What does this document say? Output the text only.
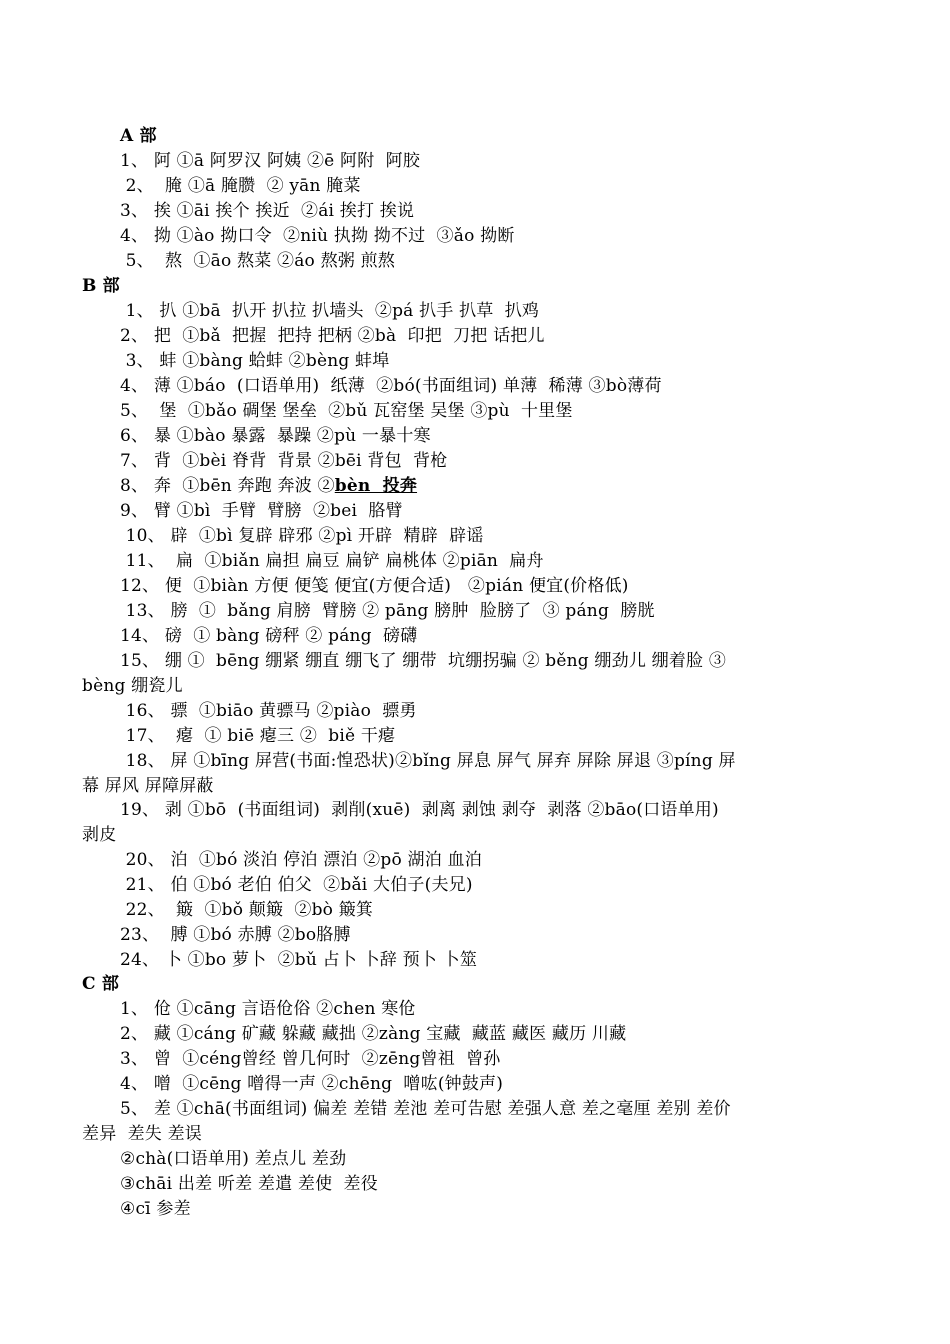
A 部

1、 阿 ①ā 阿罗汉 阿姨 ②ē 阿附  阿胶

2、  腌 ①ā 腌臜  ② yān 腌菜

3、 挨 ①āi 挨个 挨近  ②ái 挨打 挨说

4、 拗 ①ào 拗口令  ②niù 执拗 拗不过  ③ǎo 拗断

5、  熬  ①āo 熬菜 ②áo 熬粥 煎熬

B 部

1、 扒 ①bā  扒开 扒拉 扒墙头  ②pá 扒手 扒草  扒鸡

2、 把  ①bǎ  把握  把持 把柄 ②bà  印把  刀把 话把儿

3、 蚌 ①bàng 蛤蚌 ②bèng 蚌埠

4、 薄 ①báo  (口语单用)  纸薄  ②bó(书面组词) 单薄  稀薄 ③bò薄荷

5、  堡  ①bǎo 碉堡 堡垒  ②bǔ 瓦窑堡 吴堡 ③pù  十里堡

6、 暴 ①bào 暴露  暴躁 ②pù 一暴十寒

7、 背  ①bèi 脊背  背景 ②bēi 背包  背枪

8、 奔  ①bēn 奔跑 奔波 ②bèn  投奔

9、 臂 ①bì  手臂  臂膀  ②bei  胳臂

10、 辟  ①bì 复辟 辟邪 ②pì 开辟  精辟  辟谣

11、  扁  ①biǎn 扁担 扁豆 扁铲 扁桃体 ②piān  扁舟

12、 便  ①biàn 方便 便笺 便宜(方便合适)   ②pián 便宜(价格低)

13、 膀  ①  bǎng 肩膀  臂膀 ② pāng 膀肿  脸膀了  ③ páng  膀胱

14、 磅  ① bàng 磅秤 ② páng  磅礴

15、 绷 ①  bēng 绷紧 绷直 绷飞了 绷带  坑绷拐骗 ② běng 绷劲儿 绷着脸 ③

bèng 绷瓷儿

16、 骠  ①biāo 黄骠马 ②piào  骠勇

17、  瘪  ① biē 瘪三 ②  biě 干瘪

18、 屏 ①bīng 屏营(书面:惶恐状)②bǐng 屏息 屏气 屏弃 屏除 屏退 ③píng 屏

幕 屏风 屏障屏蔽

19、 剥 ①bō  (书面组词)  剥削(xuē)  剥离 剥蚀 剥夺  剥落 ②bāo(口语单用)

剥皮

20、 泊  ①bó 淡泊 停泊 漂泊 ②pō 湖泊 血泊

21、 伯 ①bó 老伯 伯父  ②bǎi 大伯子(夫兄)

22、  簸  ①bǒ 颠簸  ②bò 簸箕

23、  膊 ①bó 赤膊 ②bo胳膊

24、 卜 ①bo 萝卜  ②bǔ 占卜 卜辞 预卜 卜筮

C 部

1、 伧 ①cāng 言语伧俗 ②chen 寒伧

2、 藏 ①cáng 矿藏 躲藏 藏拙 ②zàng 宝藏  藏蓝 藏医 藏历 川藏

3、 曾  ①céng曾经 曾几何时  ②zēng曾祖  曾孙

4、 噌  ①cēng 噌得一声 ②chēng  噌吰(钟鼓声)

5、 差 ①chā(书面组词) 偏差 差错 差池 差可告慰 差强人意 差之毫厘 差别 差价

差异  差失 差误

②chà(口语单用) 差点儿 差劲

③chāi 出差 听差 差遣 差使  差役

④cī 参差
